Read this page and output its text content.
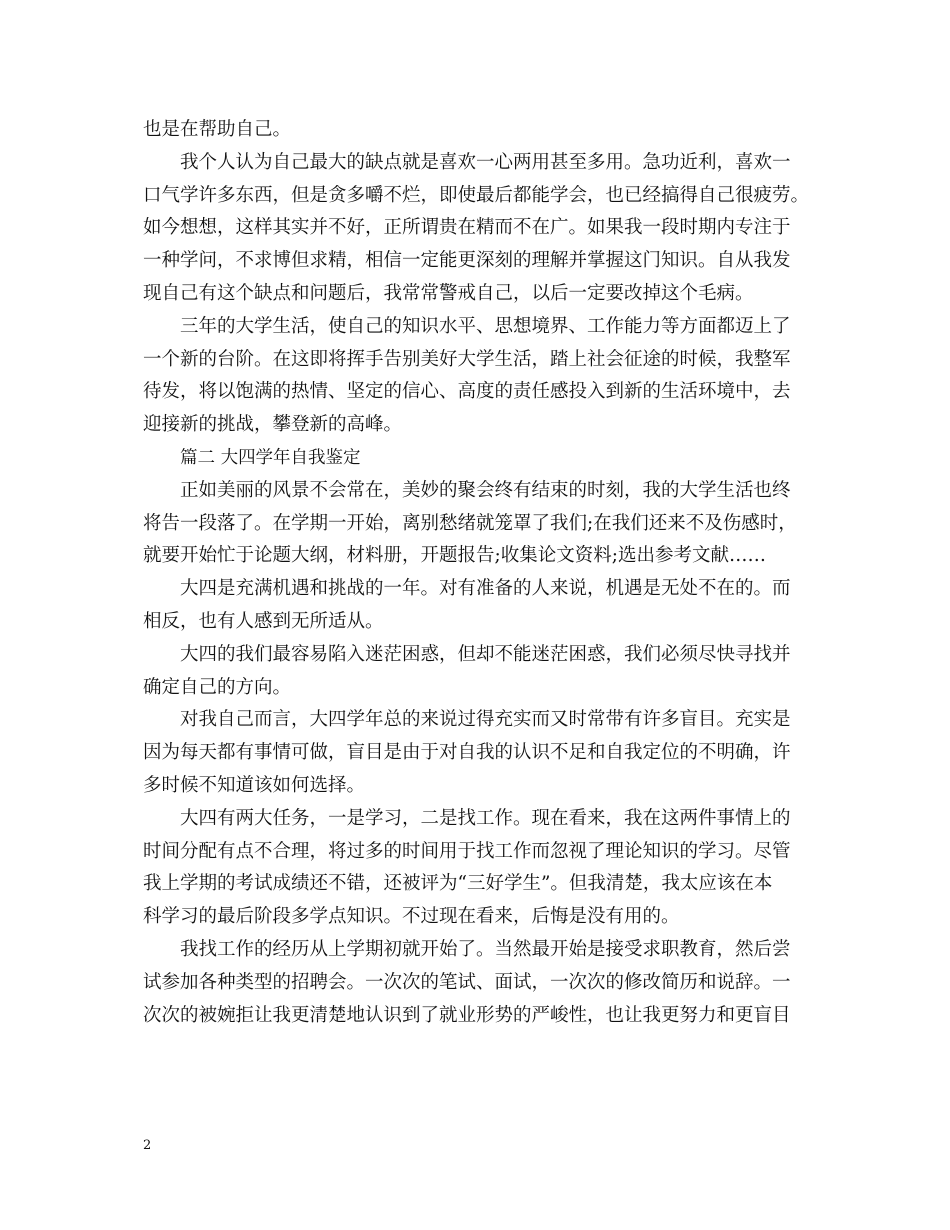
也是在帮助自己。
我个人认为自己最大的缺点就是喜欢一心两用甚至多用。急功近利，喜欢一
口气学许多东西，但是贪多嚼不烂，即使最后都能学会，也已经搞得自己很疲劳。
如今想想，这样其实并不好，正所谓贵在精而不在广。如果我一段时期内专注于
一种学问，不求博但求精，相信一定能更深刻的理解并掌握这门知识。自从我发
现自己有这个缺点和问题后，我常常警戒自己，以后一定要改掉这个毛病。
三年的大学生活，使自己的知识水平、思想境界、工作能力等方面都迈上了
一个新的台阶。在这即将挥手告别美好大学生活，踏上社会征途的时候，我整军
待发，将以饱满的热情、坚定的信心、高度的责任感投入到新的生活环境中，去
迎接新的挑战，攀登新的高峰。
篇二 大四学年自我鉴定
正如美丽的风景不会常在，美妙的聚会终有结束的时刻，我的大学生活也终
将告一段落了。在学期一开始，离别愁绪就笼罩了我们;在我们还来不及伤感时，
就要开始忙于论题大纲，材料册，开题报告;收集论文资料;选出参考文献……
大四是充满机遇和挑战的一年。对有准备的人来说，机遇是无处不在的。而
相反，也有人感到无所适从。
大四的我们最容易陷入迷茫困惑，但却不能迷茫困惑，我们必须尽快寻找并
确定自己的方向。
对我自己而言，大四学年总的来说过得充实而又时常带有许多盲目。充实是
因为每天都有事情可做，盲目是由于对自我的认识不足和自我定位的不明确，许
多时候不知道该如何选择。
大四有两大任务，一是学习，二是找工作。现在看来，我在这两件事情上的
时间分配有点不合理，将过多的时间用于找工作而忽视了理论知识的学习。尽管
我上学期的考试成绩还不错，还被评为“三好学生”。但我清楚，我太应该在本
科学习的最后阶段多学点知识。不过现在看来，后悔是没有用的。
我找工作的经历从上学期初就开始了。当然最开始是接受求职教育，然后尝
试参加各种类型的招聘会。一次次的笔试、面试，一次次的修改简历和说辞。一
次次的被婉拒让我更清楚地认识到了就业形势的严峻性，也让我更努力和更盲目
2
